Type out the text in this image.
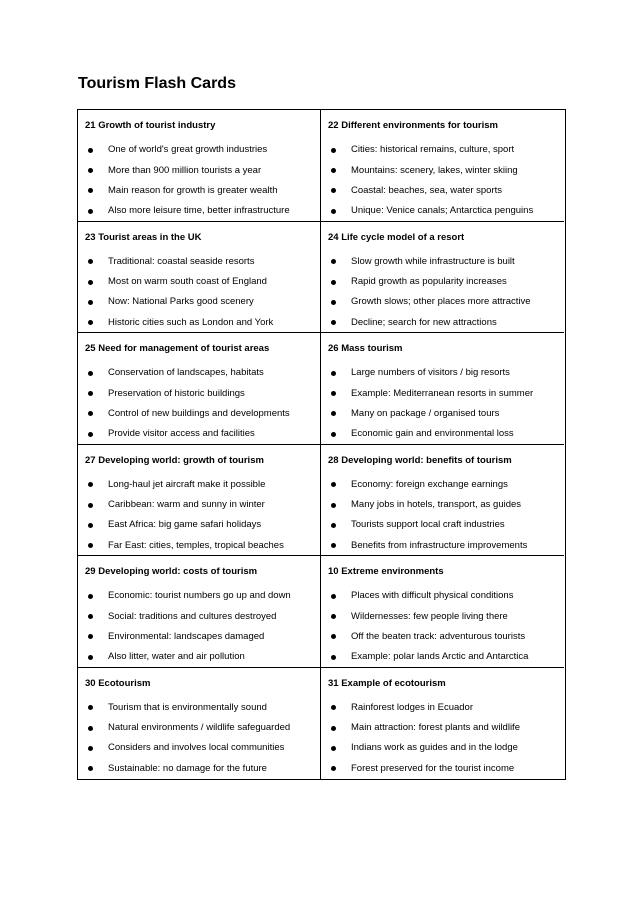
Tourism Flash Cards
21 Growth of tourist industry
One of world's great growth industries
More than 900 million tourists a year
Main reason for growth is greater wealth
Also more leisure time, better infrastructure
22 Different environments for tourism
Cities: historical remains, culture, sport
Mountains: scenery, lakes, winter skiing
Coastal: beaches, sea, water sports
Unique: Venice canals; Antarctica penguins
23 Tourist areas in the UK
Traditional: coastal seaside resorts
Most on warm south coast of England
Now: National Parks good scenery
Historic cities such as London and York
24 Life cycle model of a resort
Slow growth while infrastructure is built
Rapid growth as popularity increases
Growth slows; other places more attractive
Decline; search for new attractions
25 Need for management of tourist areas
Conservation of landscapes, habitats
Preservation of historic buildings
Control of new buildings and developments
Provide visitor access and facilities
26 Mass tourism
Large numbers of visitors / big resorts
Example: Mediterranean resorts in summer
Many on package / organised tours
Economic gain and environmental loss
27 Developing world: growth of tourism
Long-haul jet aircraft make it possible
Caribbean: warm and sunny in winter
East Africa: big game safari holidays
Far East: cities, temples, tropical beaches
28 Developing world: benefits of tourism
Economy: foreign exchange earnings
Many jobs in hotels, transport, as guides
Tourists support local craft industries
Benefits from infrastructure improvements
29 Developing world: costs of tourism
Economic: tourist numbers go up and down
Social: traditions and cultures destroyed
Environmental: landscapes damaged
Also litter, water and air pollution
10 Extreme environments
Places with difficult physical conditions
Wildernesses: few people living there
Off the beaten track: adventurous tourists
Example: polar lands Arctic and Antarctica
30 Ecotourism
Tourism that is environmentally sound
Natural environments / wildlife safeguarded
Considers and involves local communities
Sustainable: no damage for the future
31 Example of ecotourism
Rainforest lodges in Ecuador
Main attraction: forest plants and wildlife
Indians work as guides and in the lodge
Forest preserved for the tourist income
